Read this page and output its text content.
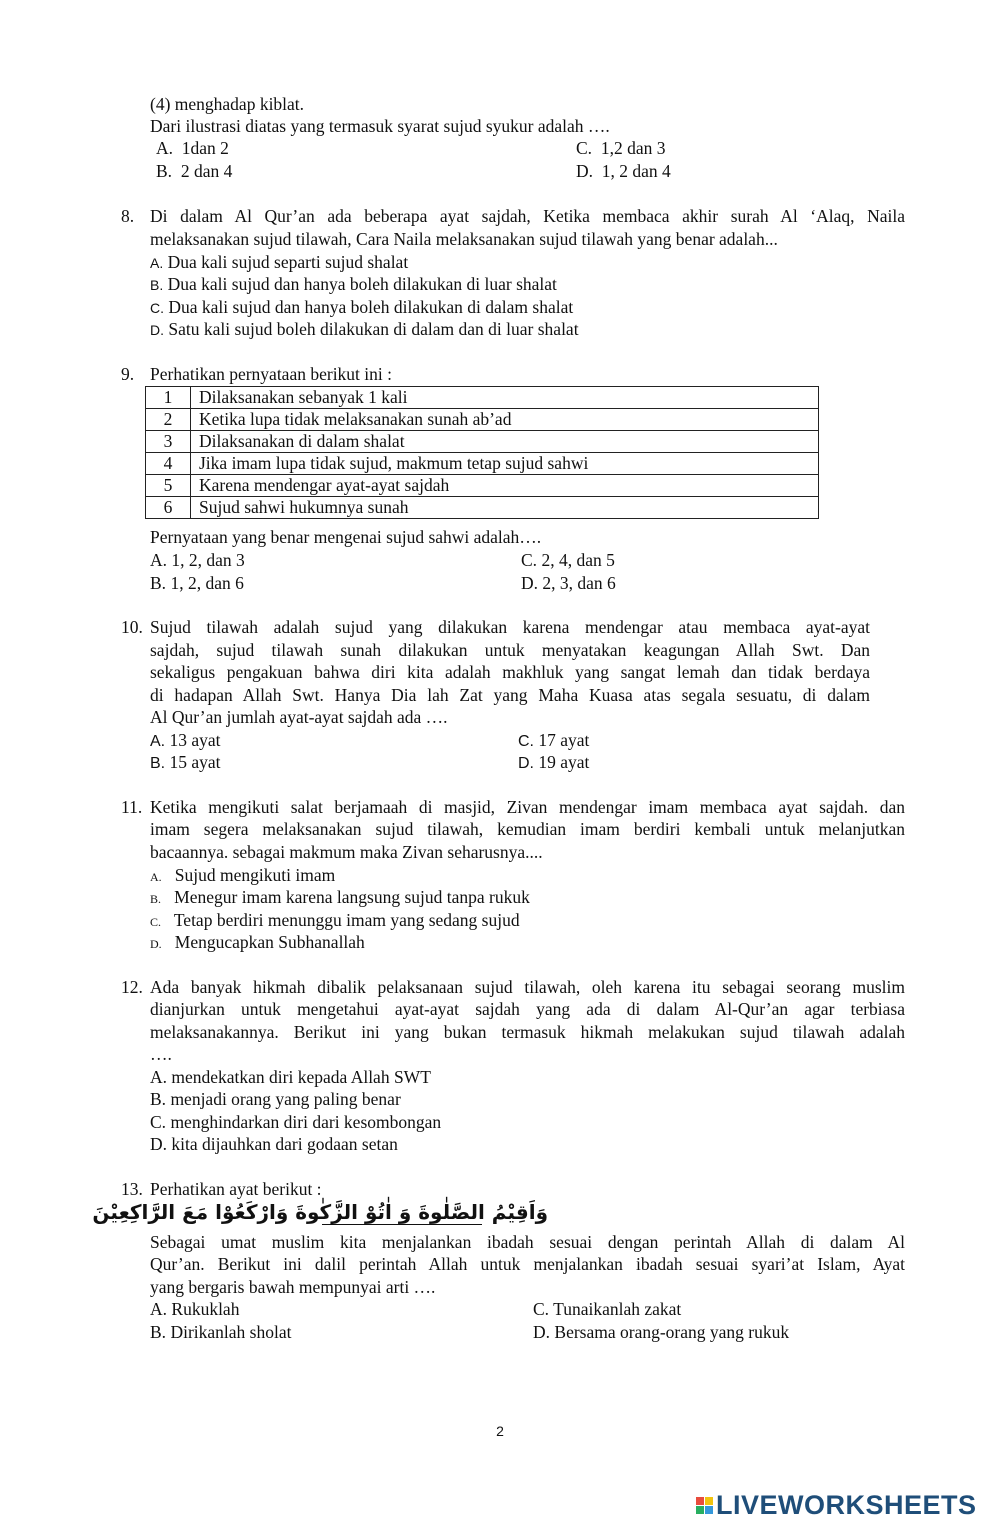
(4) menghadap kiblat.
Dari ilustrasi diatas yang termasuk syarat sujud syukur adalah ….
A. 1dan 2	C. 1,2 dan 3
B. 2 dan 4	D. 1, 2 dan 4
8. Di dalam Al Qur’an ada beberapa ayat sajdah, Ketika membaca akhir surah Al ‘Alaq, Naila
melaksanakan sujud tilawah, Cara Naila melaksanakan sujud tilawah yang benar adalah...
A. Dua kali sujud separti sujud shalat
B. Dua kali sujud dan hanya boleh dilakukan di luar shalat
C. Dua kali sujud dan hanya boleh dilakukan di dalam shalat
D. Satu kali sujud boleh dilakukan di dalam dan di luar shalat
9. Perhatikan pernyataan berikut ini :
1	Dilaksanakan sebanyak 1 kali
2	Ketika lupa tidak melaksanakan sunah ab’ad
3	Dilaksanakan di dalam shalat
4	Jika imam lupa tidak sujud, makmum tetap sujud sahwi
5	Karena mendengar ayat-ayat sajdah
6	Sujud sahwi hukumnya sunah
Pernyataan yang benar mengenai sujud sahwi adalah….
A. 1, 2, dan 3	C. 2, 4, dan 5
B. 1, 2, dan 6	D. 2, 3, dan 6
10. Sujud tilawah adalah sujud yang dilakukan karena mendengar atau membaca ayat-ayat
sajdah, sujud tilawah sunah dilakukan untuk menyatakan keagungan Allah Swt. Dan
sekaligus pengakuan bahwa diri kita adalah makhluk yang sangat lemah dan tidak berdaya
di hadapan Allah Swt. Hanya Dia lah Zat yang Maha Kuasa atas segala sesuatu, di dalam
Al Qur’an jumlah ayat-ayat sajdah ada ….
A. 13 ayat	C. 17 ayat
B. 15 ayat	D. 19 ayat
11. Ketika mengikuti salat berjamaah di masjid, Zivan mendengar imam membaca ayat sajdah. dan
imam segera melaksanakan sujud tilawah, kemudian imam berdiri kembali untuk melanjutkan
bacaannya. sebagai makmum maka Zivan seharusnya....
A. Sujud mengikuti imam
B. Menegur imam karena langsung sujud tanpa rukuk
C. Tetap berdiri menunggu imam yang sedang sujud
D. Mengucapkan Subhanallah
12. Ada banyak hikmah dibalik pelaksanaan sujud tilawah, oleh karena itu sebagai seorang muslim
dianjurkan untuk mengetahui ayat-ayat sajdah yang ada di dalam Al-Qur’an agar terbiasa
melaksanakannya. Berikut ini yang bukan termasuk hikmah melakukan sujud tilawah adalah
….
A. mendekatkan diri kepada Allah SWT
B. menjadi orang yang paling benar
C. menghindarkan diri dari kesombongan
D. kita dijauhkan dari godaan setan
13. Perhatikan ayat berikut :
وَاَقِيْمُ الصَّلٰوةَ وَ اٰتُوْ الزَّكٰوةَ وَارْكَعُوْا مَعَ الرَّاكِعِيْنَ
Sebagai umat muslim kita menjalankan ibadah sesuai dengan perintah Allah di dalam Al
Qur’an. Berikut ini dalil perintah Allah untuk menjalankan ibadah sesuai syari’at Islam, Ayat
yang bergaris bawah mempunyai arti ….
A. Rukuklah	C. Tunaikanlah zakat
B. Dirikanlah sholat	D. Bersama orang-orang yang rukuk
2
LIVEWORKSHEETS
